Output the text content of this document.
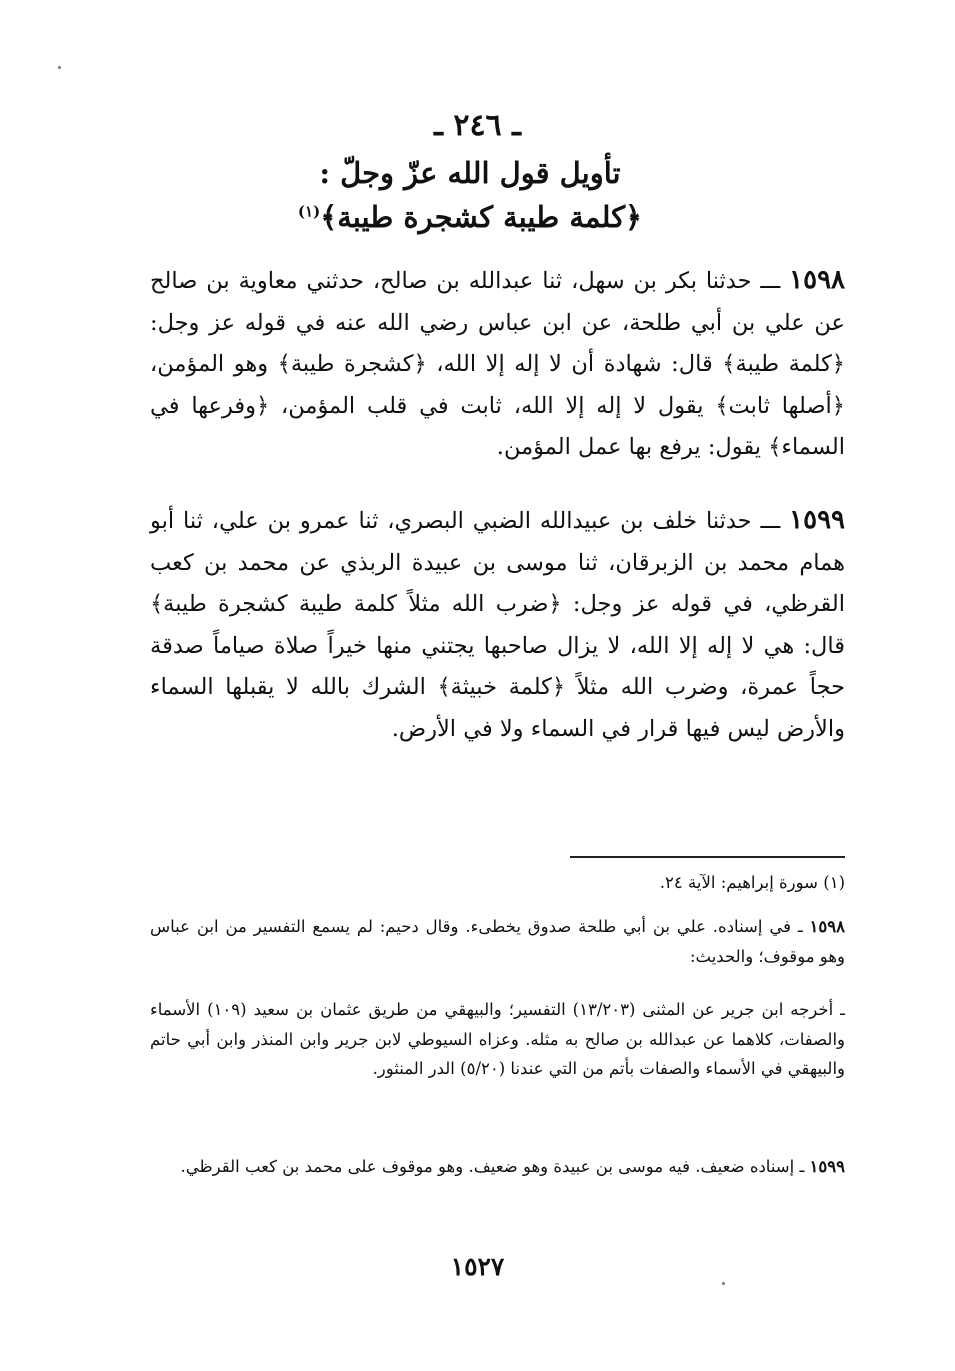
ـ ٢٤٦ ـ
تأويل قول الله عزّ وجلّ :
﴿كلمة طيبة كشجرة طيبة﴾$^{(١)}$
١٥٩٨ ـــ حدثنا بكر بن سهل، ثنا عبدالله بن صالح، حدثني معاوية بن صالح عن علي بن أبي طلحة، عن ابن عباس رضي الله عنه في قوله عز وجل: ﴿كلمة طيبة﴾ قال: شهادة أن لا إله إلا الله، ﴿كشجرة طيبة﴾ وهو المؤمن، ﴿أصلها ثابت﴾ يقول لا إله إلا الله، ثابت في قلب المؤمن، ﴿وفرعها في السماء﴾ يقول: يرفع بها عمل المؤمن.
١٥٩٩ ـــ حدثنا خلف بن عبيدالله الضبي البصري، ثنا عمرو بن علي، ثنا أبو همام محمد بن الزبرقان، ثنا موسى بن عبيدة الربذي عن محمد بن كعب القرظي، في قوله عز وجل: ﴿ضرب الله مثلاً كلمة طيبة كشجرة طيبة﴾ قال: هي لا إله إلا الله، لا يزال صاحبها يجتني منها خيراً صلاة صياماً صدقة حجاً عمرة، وضرب الله مثلاً ﴿كلمة خبيثة﴾ الشرك بالله لا يقبلها السماء والأرض ليس فيها قرار في السماء ولا في الأرض.
(١) سورة إبراهيم: الآية ٢٤.
١٥٩٨ ـ في إسناده. علي بن أبي طلحة صدوق يخطىء. وقال دحيم: لم يسمع التفسير من ابن عباس وهو موقوف؛ والحديث:
ـ أخرجه ابن جرير عن المثنى (١٣/٢٠٣) التفسير؛ والبيهقي من طريق عثمان بن سعيد (١٠٩) الأسماء والصفات، كلاهما عن عبدالله بن صالح به مثله. وعزاه السيوطي لابن جرير وابن المنذر وابن أبي حاتم والبيهقي في الأسماء والصفات بأتم من التي عندنا (٥/٢٠) الدر المنثور.
١٥٩٩ ـ إسناده ضعيف. فيه موسى بن عبيدة وهو ضعيف. وهو موقوف على محمد بن كعب القرظي.
١٥٢٧
